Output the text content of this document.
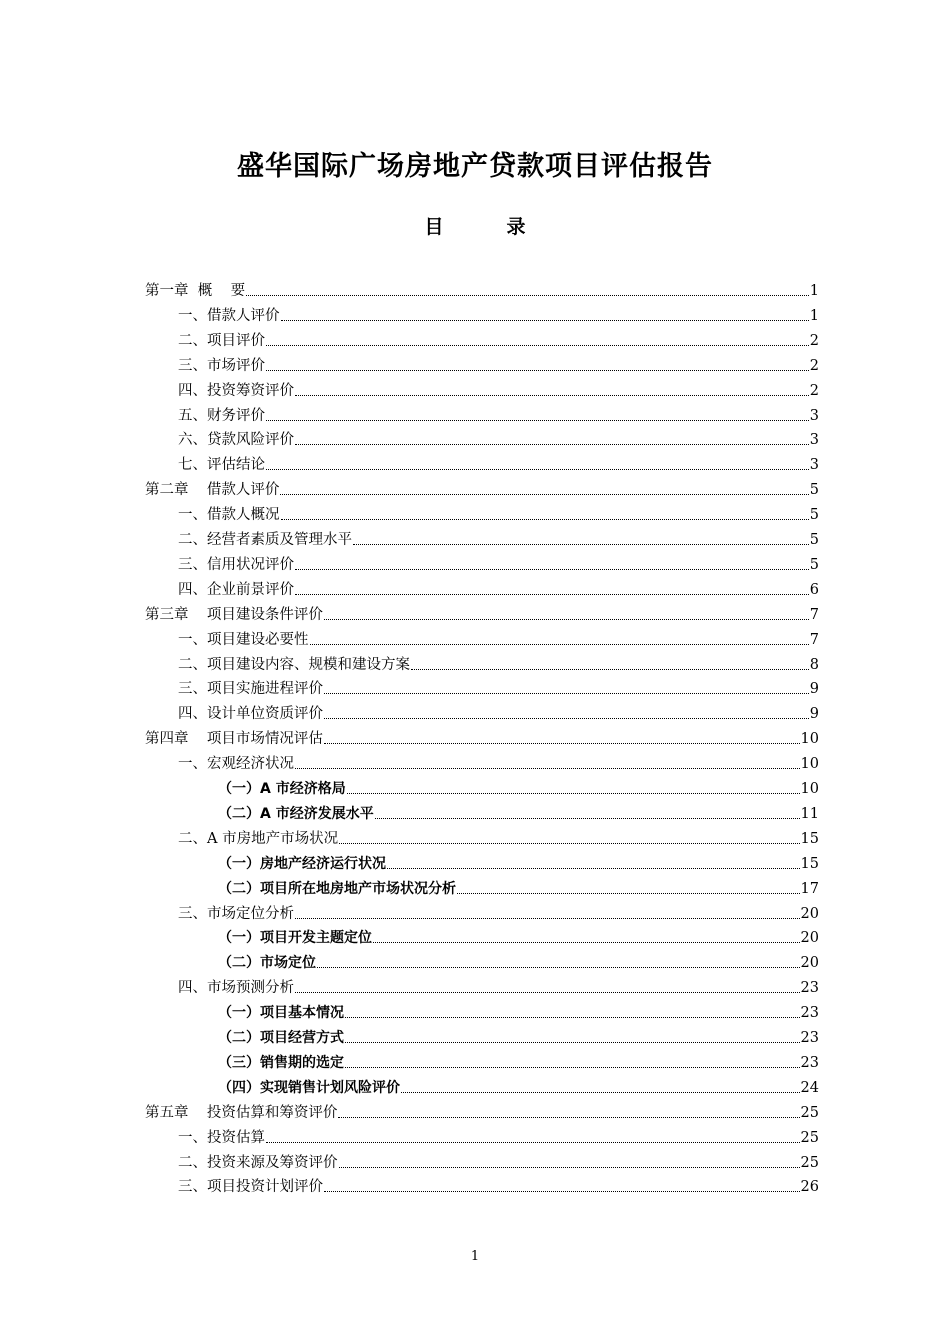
盛华国际广场房地产贷款项目评估报告
目　录
第一章  概    要	1
一、借款人评价	1
二、项目评价	2
三、市场评价	2
四、投资筹资评价	2
五、财务评价	3
六、贷款风险评价	3
七、评估结论	3
第二章    借款人评价	5
一、借款人概况	5
二、经营者素质及管理水平	5
三、信用状况评价	5
四、企业前景评价	6
第三章    项目建设条件评价	7
一、项目建设必要性	7
二、项目建设内容、规模和建设方案	8
三、项目实施进程评价	9
四、设计单位资质评价	9
第四章    项目市场情况评估	10
一、宏观经济状况	10
（一）A 市经济格局	10
（二）A 市经济发展水平	11
二、A 市房地产市场状况	15
（一）房地产经济运行状况	15
（二）项目所在地房地产市场状况分析	17
三、市场定位分析	20
（一）项目开发主题定位	20
（二）市场定位	20
四、市场预测分析	23
（一）项目基本情况	23
（二）项目经营方式	23
（三）销售期的选定	23
（四）实现销售计划风险评价	24
第五章    投资估算和筹资评价	25
一、投资估算	25
二、投资来源及筹资评价	25
三、项目投资计划评价	26
1
